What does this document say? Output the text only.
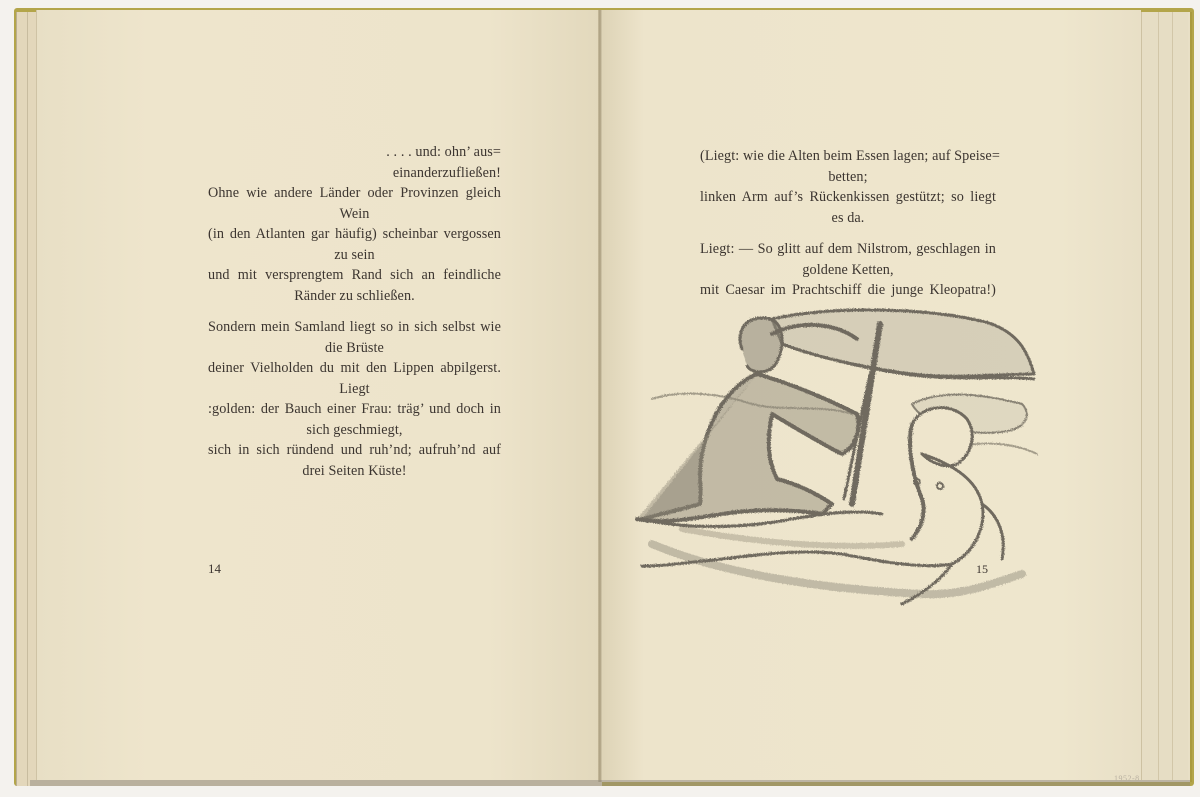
. . . . und: ohn’ aus=
einanderzufließen!
Ohne wie andere Länder oder Provinzen gleich
Wein
(in den Atlanten gar häufig) scheinbar vergossen
zu sein
und mit versprengtem Rand sich an feindliche
Ränder zu schließen.
Sondern mein Samland liegt so in sich selbst wie
die Brüste
deiner Vielholden du mit den Lippen abpilgerst.
Liegt
:golden: der Bauch einer Frau: träg’ und doch in
sich geschmiegt,
sich in sich ründend und ruh’nd; aufruh’nd auf
drei Seiten Küste!
14
(Liegt: wie die Alten beim Essen lagen; auf Speise=
betten;
linken Arm auf’s Rückenkissen gestützt; so liegt
es da.
Liegt: — So glitt auf dem Nilstrom, geschlagen in
goldene Ketten,
mit Caesar im Prachtschiff die junge Kleopatra!)
15
1952-8
